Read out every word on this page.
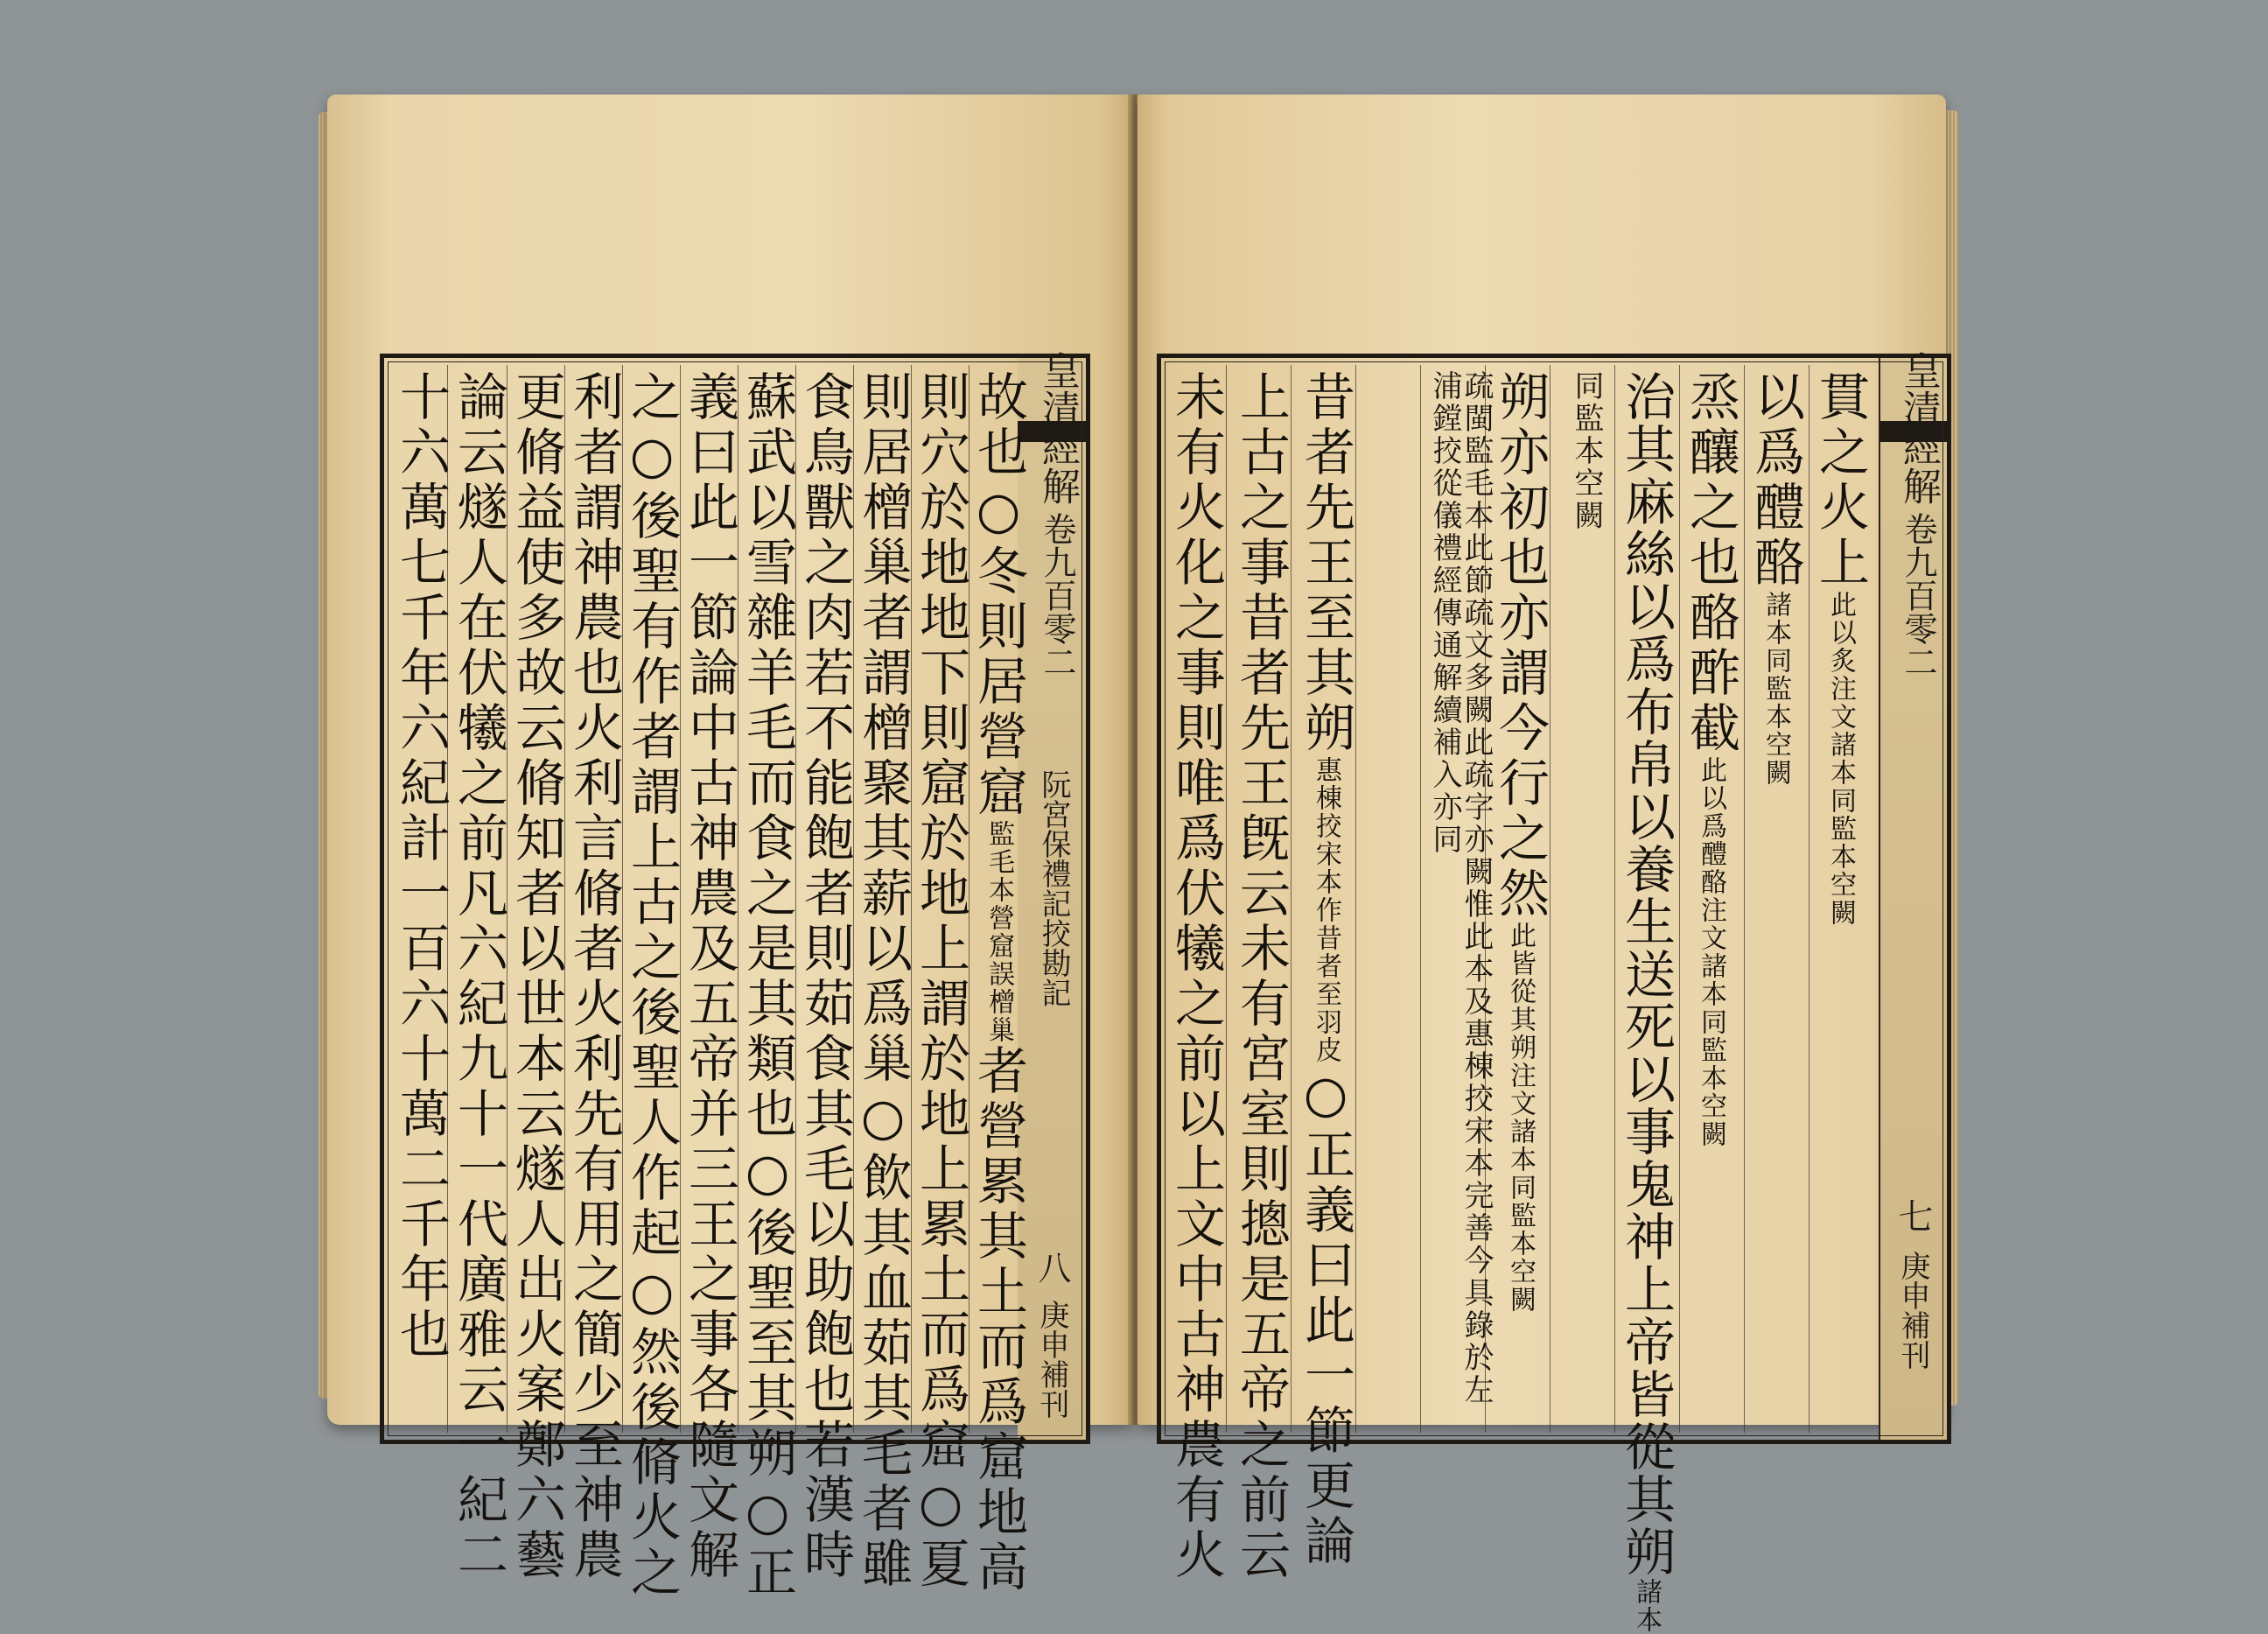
皇清經解
卷九百零二
阮宮保禮記挍勘記
八
庚申補刊
故也○冬則居營窟監毛本營窟誤橧巢者營累其土而爲窟地高
則穴於地地下則窟於地上謂於地上累土而爲窟○夏
則居橧巢者謂橧聚其薪以爲巢○飲其血茹其毛者雖
食鳥獸之肉若不能飽者則茹食其毛以助飽也若漢時
蘇武以雪雜羊毛而食之是其類也○後聖至其朔○正
義曰此一節論中古神農及五帝并三王之事各隨文解
之○後聖有作者謂上古之後聖人作起○然後脩火之
利者謂神農也火利言脩者火利先有用之簡少至神農
更脩益使多故云脩知者以世本云燧人出火案鄭六藝
論云燧人在伏犧之前凡六紀九十一代廣雅云一紀二
十六萬七千年六紀計一百六十萬二千年也	皇清經解
卷九百零二
七
庚申補刊
貫之火上此以炙注文諸本同監本空闕
以爲醴酪諸本同監本空闕
烝釀之也酪酢截此以爲醴酪注文諸本同監本空闕
治其麻絲以爲布帛以養生送死以事鬼神上帝皆從其朔諸本
同監本空闕
朔亦初也亦謂今行之然此皆從其朔注文諸本同監本空闕
疏閩監毛本此節疏文多闕此疏字亦闕惟此本及惠棟挍宋本完善今具錄於左浦鏜挍從儀禮經傳通解續補入亦同
昔者先王至其朔惠棟挍宋本作昔者至羽皮○正義曰此一節更論
上古之事昔者先王旣云未有宮室則摠是五帝之前云
未有火化之事則唯爲伏犧之前以上文中古神農有火
